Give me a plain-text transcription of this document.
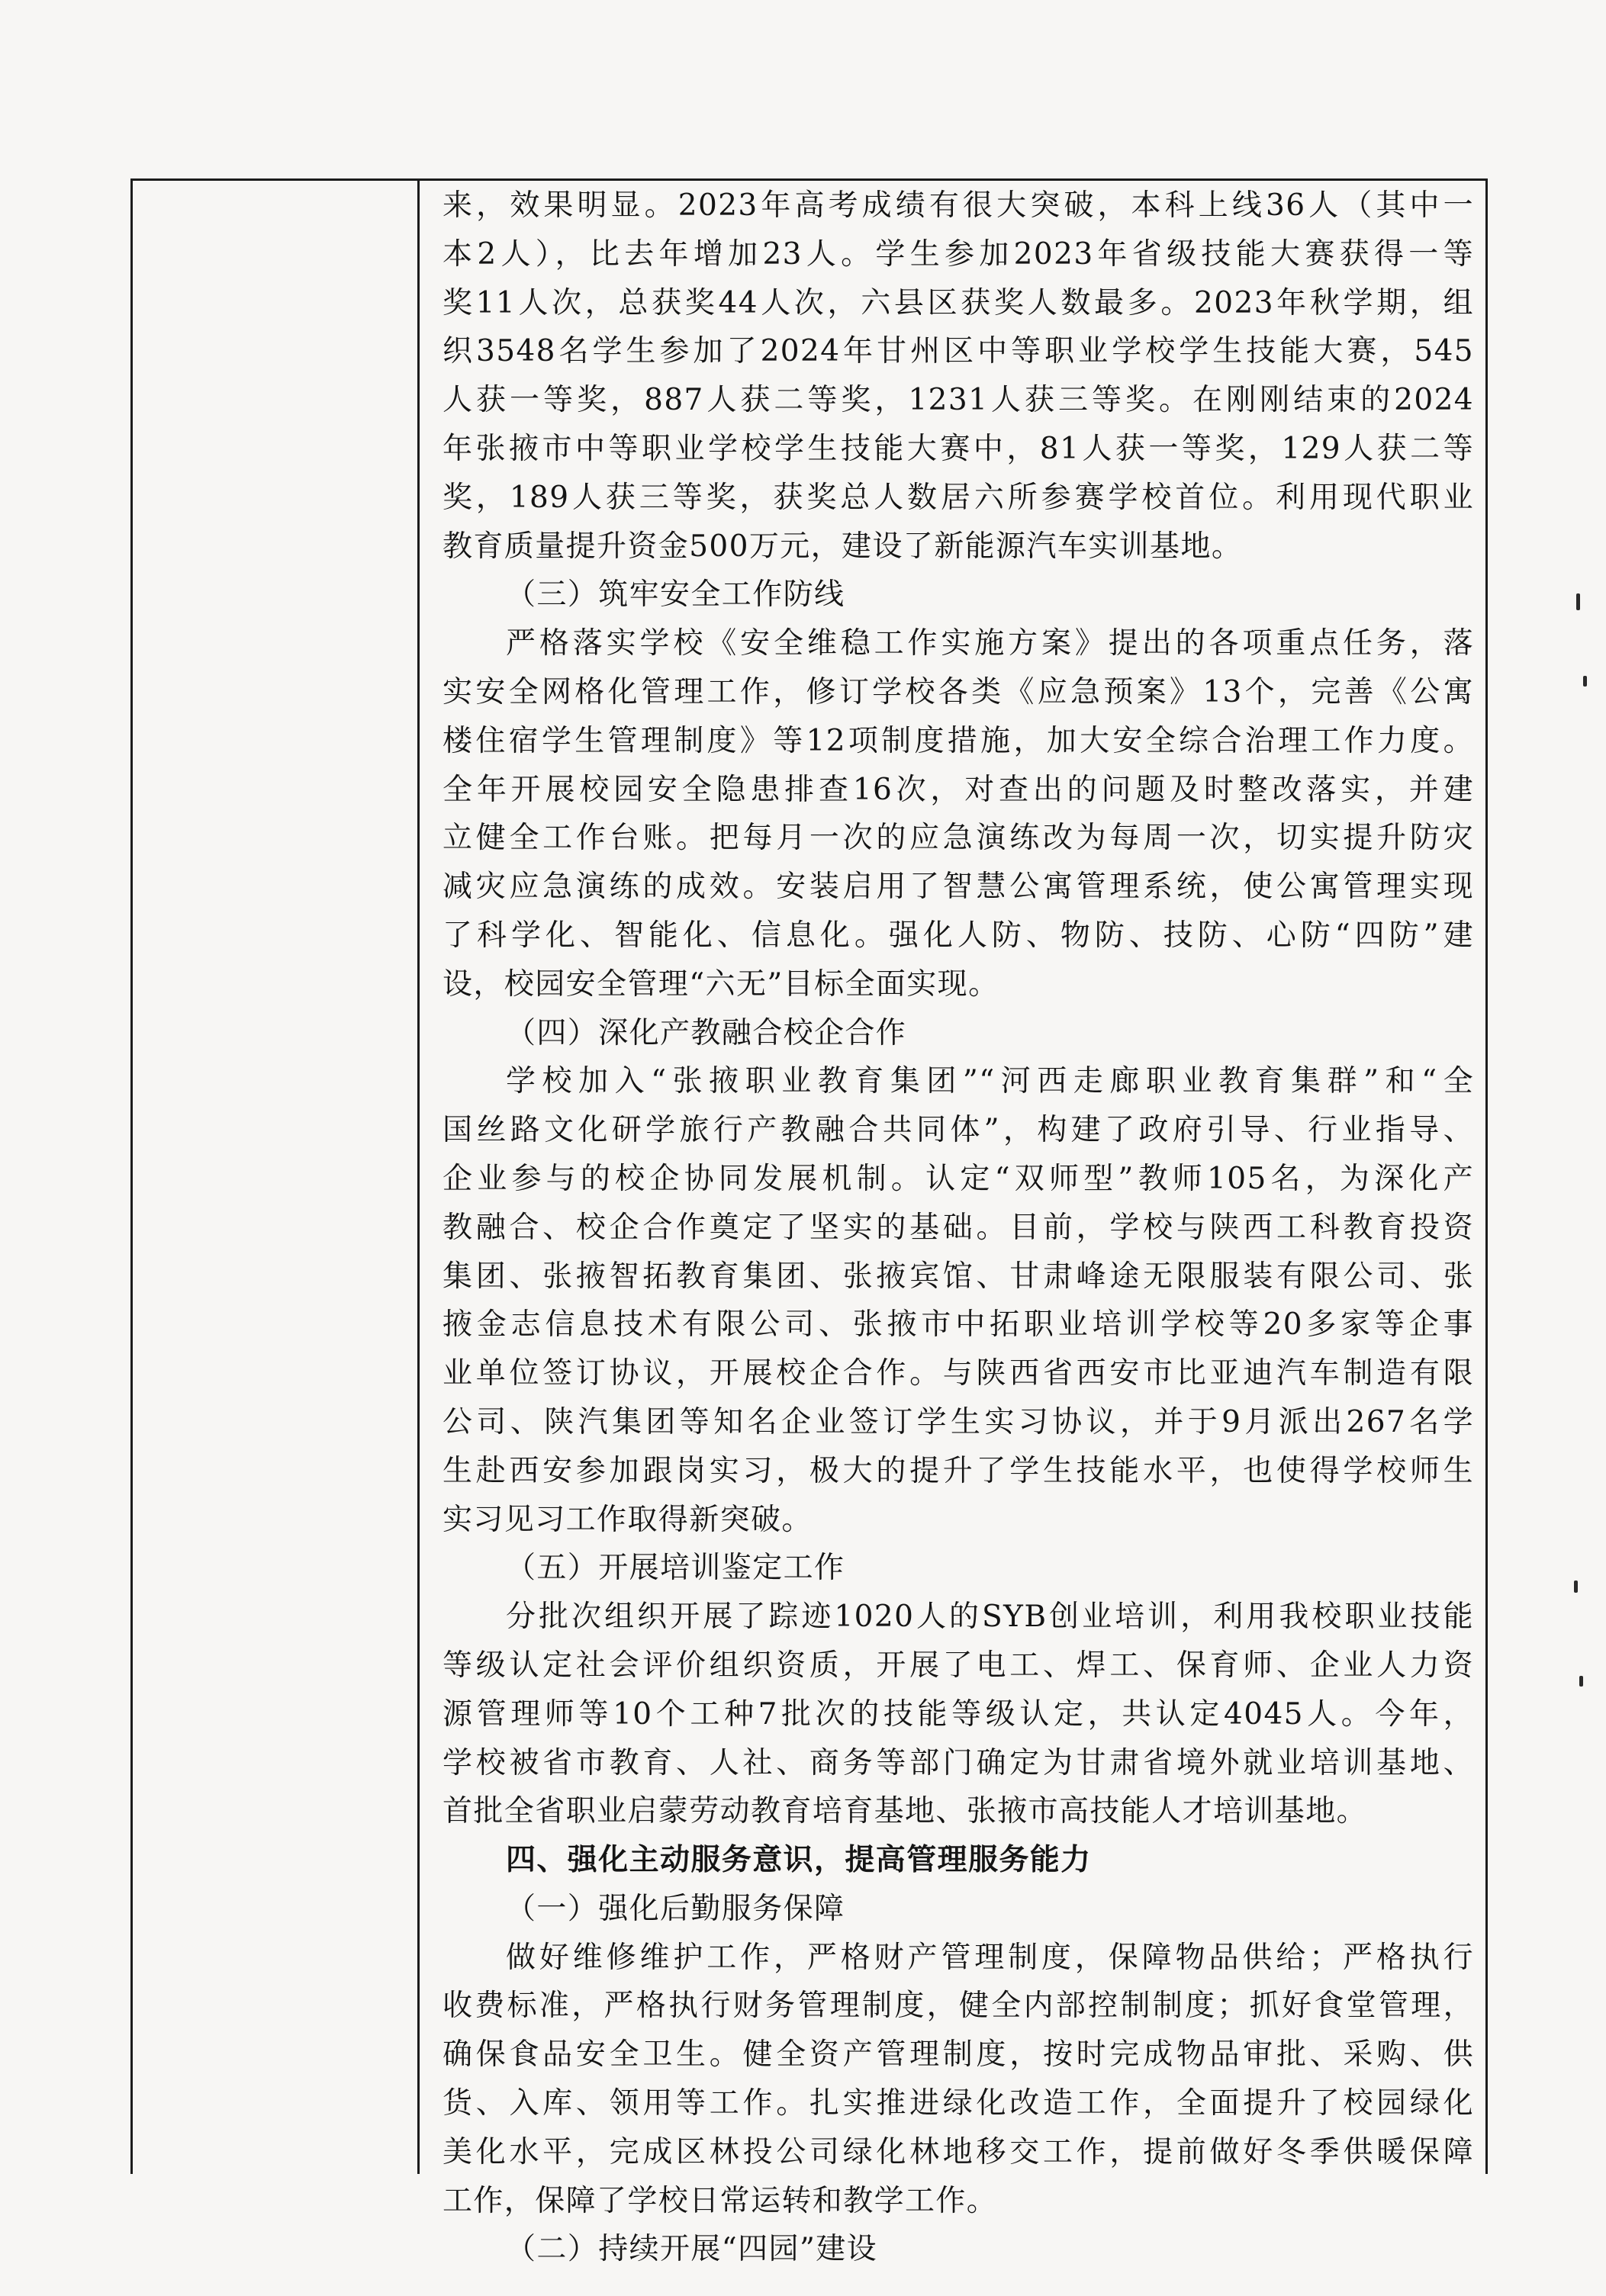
来，效果明显。2023年高考成绩有很大突破，本科上线36人（其中一
本2人），比去年增加23人。学生参加2023年省级技能大赛获得一等
奖11人次，总获奖44人次，六县区获奖人数最多。2023年秋学期，组
织3548名学生参加了2024年甘州区中等职业学校学生技能大赛，545
人获一等奖，887人获二等奖，1231人获三等奖。在刚刚结束的2024
年张掖市中等职业学校学生技能大赛中，81人获一等奖，129人获二等
奖，189人获三等奖，获奖总人数居六所参赛学校首位。利用现代职业
教育质量提升资金500万元，建设了新能源汽车实训基地。
（三）筑牢安全工作防线
严格落实学校《安全维稳工作实施方案》提出的各项重点任务，落
实安全网格化管理工作，修订学校各类《应急预案》13个，完善《公寓
楼住宿学生管理制度》等12项制度措施，加大安全综合治理工作力度。
全年开展校园安全隐患排查16次，对查出的问题及时整改落实，并建
立健全工作台账。把每月一次的应急演练改为每周一次，切实提升防灾
减灾应急演练的成效。安装启用了智慧公寓管理系统，使公寓管理实现
了科学化、智能化、信息化。强化人防、物防、技防、心防“四防”建
设，校园安全管理“六无”目标全面实现。
（四）深化产教融合校企合作
学校加入“张掖职业教育集团”“河西走廊职业教育集群”和“全
国丝路文化研学旅行产教融合共同体”，构建了政府引导、行业指导、
企业参与的校企协同发展机制。认定“双师型”教师105名，为深化产
教融合、校企合作奠定了坚实的基础。目前，学校与陕西工科教育投资
集团、张掖智拓教育集团、张掖宾馆、甘肃峰途无限服装有限公司、张
掖金志信息技术有限公司、张掖市中拓职业培训学校等20多家等企事
业单位签订协议，开展校企合作。与陕西省西安市比亚迪汽车制造有限
公司、陕汽集团等知名企业签订学生实习协议，并于9月派出267名学
生赴西安参加跟岗实习，极大的提升了学生技能水平，也使得学校师生
实习见习工作取得新突破。
（五）开展培训鉴定工作
分批次组织开展了踪迹1020人的SYB创业培训，利用我校职业技能
等级认定社会评价组织资质，开展了电工、焊工、保育师、企业人力资
源管理师等10个工种7批次的技能等级认定，共认定4045人。今年，
学校被省市教育、人社、商务等部门确定为甘肃省境外就业培训基地、
首批全省职业启蒙劳动教育培育基地、张掖市高技能人才培训基地。
四、强化主动服务意识，提高管理服务能力
（一）强化后勤服务保障
做好维修维护工作，严格财产管理制度，保障物品供给；严格执行
收费标准，严格执行财务管理制度，健全内部控制制度；抓好食堂管理，
确保食品安全卫生。健全资产管理制度，按时完成物品审批、采购、供
货、入库、领用等工作。扎实推进绿化改造工作，全面提升了校园绿化
美化水平，完成区林投公司绿化林地移交工作，提前做好冬季供暖保障
工作，保障了学校日常运转和教学工作。
（二）持续开展“四园”建设
